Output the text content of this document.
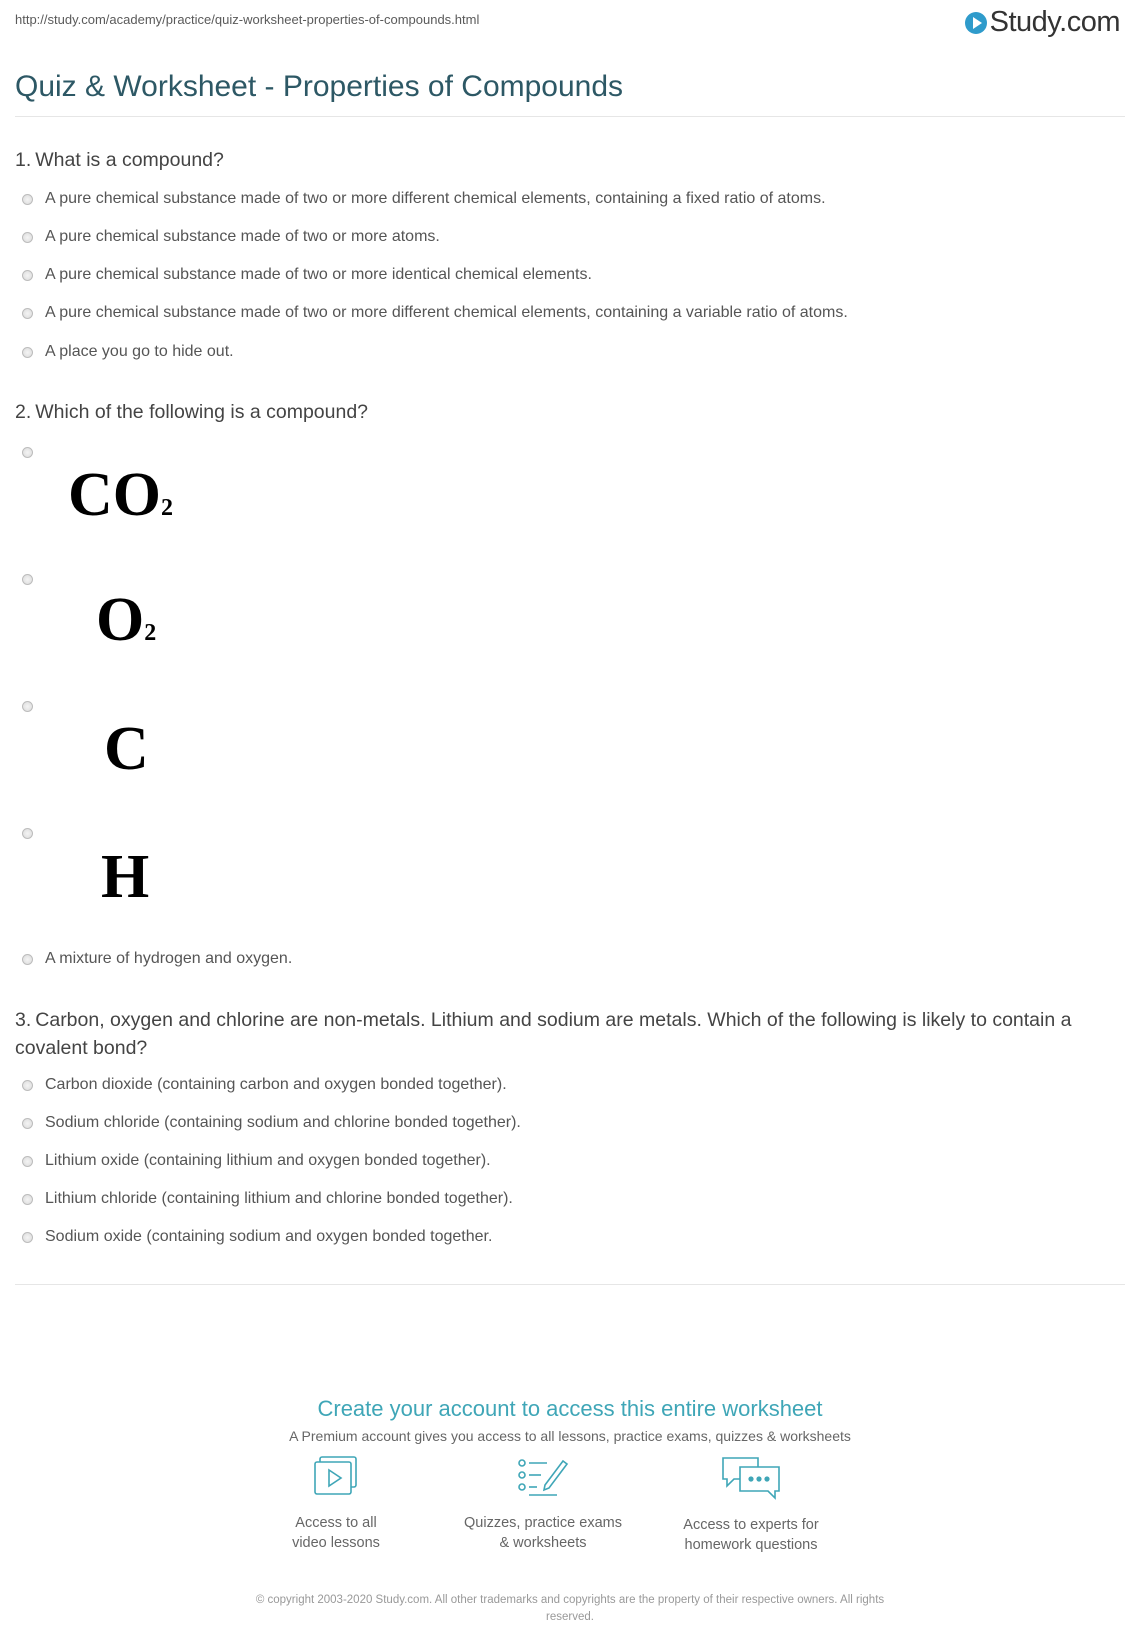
http://study.com/academy/practice/quiz-worksheet-properties-of-compounds.html	Study.com
Quiz & Worksheet - Properties of Compounds
1. What is a compound?
A pure chemical substance made of two or more different chemical elements, containing a fixed ratio of atoms.
A pure chemical substance made of two or more atoms.
A pure chemical substance made of two or more identical chemical elements.
A pure chemical substance made of two or more different chemical elements, containing a variable ratio of atoms.
A place you go to hide out.
2. Which of the following is a compound?
CO2
O2
C
H
A mixture of hydrogen and oxygen.
3. Carbon, oxygen and chlorine are non-metals. Lithium and sodium are metals. Which of the following is likely to contain a covalent bond?
Carbon dioxide (containing carbon and oxygen bonded together).
Sodium chloride (containing sodium and chlorine bonded together).
Lithium oxide (containing lithium and oxygen bonded together).
Lithium chloride (containing lithium and chlorine bonded together).
Sodium oxide (containing sodium and oxygen bonded together.
Create your account to access this entire worksheet
A Premium account gives you access to all lessons, practice exams, quizzes & worksheets
Access to all
video lessons
Quizzes, practice exams
& worksheets
Access to experts for
homework questions
© copyright 2003-2020 Study.com. All other trademarks and copyrights are the property of their respective owners. All rights
reserved.
